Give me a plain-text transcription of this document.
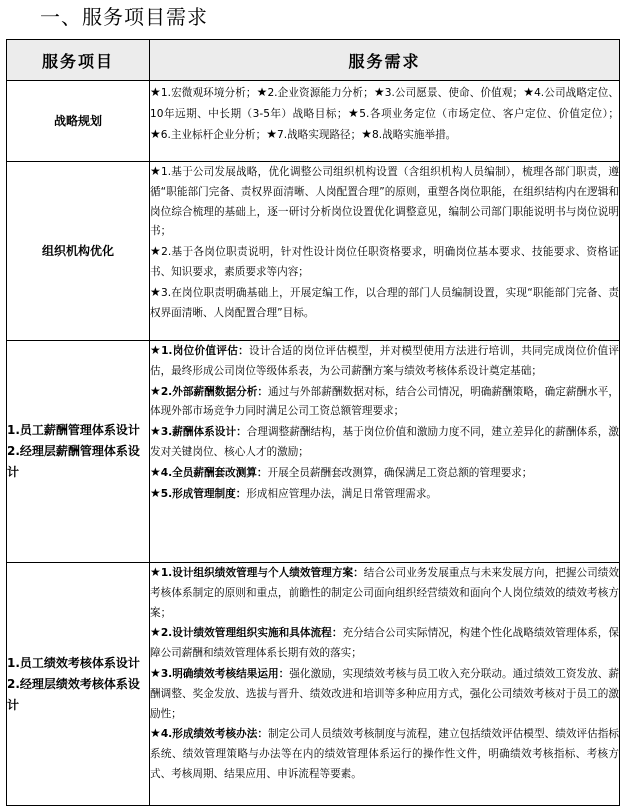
一、服务项目需求
服务项目	服务需求
战略规划	★1.宏微观环境分析；★2.企业资源能力分析；★3.公司愿景、使命、价值观；★4.公司战略定位、10年远期、中长期（3-5年）战略目标；★5.各项业务定位（市场定位、客户定位、价值定位）；★6.主业标杆企业分析；★7.战略实现路径；★8.战略实施举措。
组织机构优化	★1.基于公司发展战略，优化调整公司组织机构设置（含组织机构人员编制），梳理各部门职责，遵循“职能部门完备、责权界面清晰、人岗配置合理”的原则，重塑各岗位职能，在组织结构内在逻辑和岗位综合梳理的基础上，逐一研讨分析岗位设置优化调整意见，编制公司部门职能说明书与岗位说明书；
★2.基于各岗位职责说明，针对性设计岗位任职资格要求，明确岗位基本要求、技能要求、资格证书、知识要求，素质要求等内容；
★3.在岗位职责明确基础上，开展定编工作，以合理的部门人员编制设置，实现“职能部门完备、责权界面清晰、人岗配置合理”目标。

1.员工薪酬管理体系设计
2.经理层薪酬管理体系设计	★1.岗位价值评估：设计合适的岗位评估模型，并对模型使用方法进行培训，共同完成岗位价值评估，最终形成公司岗位等级体系表，为公司薪酬方案与绩效考核体系设计奠定基础；
★2.外部薪酬数据分析：通过与外部薪酬数据对标，结合公司情况，明确薪酬策略，确定薪酬水平，体现外部市场竞争力同时满足公司工资总额管理要求；
★3.薪酬体系设计：合理调整薪酬结构，基于岗位价值和激励力度不同，建立差异化的薪酬体系，激发对关键岗位、核心人才的激励；
★4.全员薪酬套改测算：开展全员薪酬套改测算，确保满足工资总额的管理要求；
★5.形成管理制度：形成相应管理办法，满足日常管理需求。

1.员工绩效考核体系设计
2.经理层绩效考核体系设计	★1.设计组织绩效管理与个人绩效管理方案：结合公司业务发展重点与未来发展方向，把握公司绩效考核体系制定的原则和重点，前瞻性的制定公司面向组织经营绩效和面向个人岗位绩效的绩效考核方案；
★2.设计绩效管理组织实施和具体流程：充分结合公司实际情况，构建个性化战略绩效管理体系，保障公司薪酬和绩效管理体系长期有效的落实；
★3.明确绩效考核结果运用：强化激励，实现绩效考核与员工收入充分联动。通过绩效工资发放、薪酬调整、奖金发放、选拔与晋升、绩效改进和培训等多种应用方式，强化公司绩效考核对于员工的激励性；
★4.形成绩效考核办法：制定公司人员绩效考核制度与流程，建立包括绩效评估模型、绩效评估指标系统、绩效管理策略与办法等在内的绩效管理体系运行的操作性文件，明确绩效考核指标、考核方式、考核周期、结果应用、申诉流程等要素。
